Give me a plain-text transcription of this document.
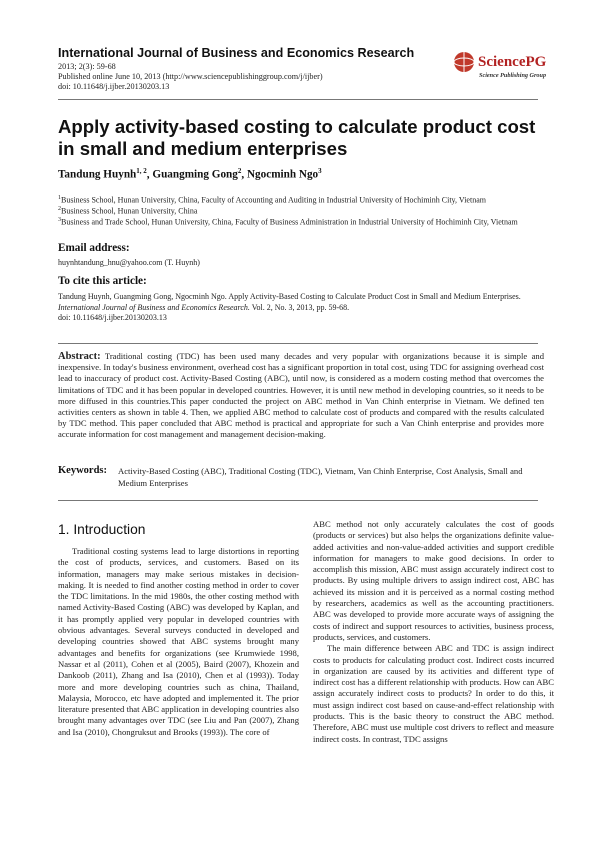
International Journal of Business and Economics Research
2013; 2(3): 59-68
Published online June 10, 2013 (http://www.sciencepublishinggroup.com/j/ijber)
doi: 10.11648/j.ijber.20130203.13
SciencePG
Science Publishing Group
Apply activity-based costing to calculate product cost in small and medium enterprises
Tandung Huynh$^{1, 2}$, Guangming Gong$^2$, Ngocminh Ngo$^3$
$^1$Business School, Hunan University, China, Faculty of Accounting and Auditing in Industrial University of Hochiminh City, Vietnam
$^2$Business School, Hunan University, China
$^3$Business and Trade School, Hunan University, China, Faculty of Business Administration in Industrial University of Hochiminh City, Vietnam
Email address:
huynhtandung_hnu@yahoo.com (T. Huynh)
To cite this article:
Tandung Huynh, Guangming Gong, Ngocminh Ngo. Apply Activity-Based Costing to Calculate Product Cost in Small and Medium Enterprises. International Journal of Business and Economics Research. Vol. 2, No. 3, 2013, pp. 59-68.
doi: 10.11648/j.ijber.20130203.13
Abstract: Traditional costing (TDC) has been used many decades and very popular with organizations because it is simple and inexpensive. In today's business environment, overhead cost has a significant proportion in total cost, using TDC for assigning overhead cost lead to inaccuracy of product cost. Activity-Based Costing (ABC), until now, is considered as a modern costing method that overcomes the limitations of TDC and it has been popular in developed countries. However, it is until new method in developing countries, so it needs to be more diffused in this countries.This paper conducted the project on ABC method in Van Chinh enterprise in Vietnam. We defined ten activities centers as shown in table 4. Then, we applied ABC method to calculate cost of products and compared with the results calculated by TDC method. This paper concluded that ABC method is practical and appropriate for such a Van Chinh enterprise and provides more accurate information for cost management and management decision-making.
Keywords: Activity-Based Costing (ABC), Traditional Costing (TDC), Vietnam, Van Chinh Enterprise, Cost Analysis, Small and Medium Enterprises
1. Introduction

Traditional costing systems lead to large distortions in reporting the cost of products, services, and customers. Based on its information, managers may make serious mistakes in decision-making. It is needed to find another costing method in order to cover the TDC limitations. In the mid 1980s, the other costing method with named Activity-Based Costing (ABC) was developed by Kaplan, and it has promptly applied very popular in developed countries with obvious advantages. Several surveys conducted in developed and developing countries showed that ABC systems brought many advantages and benefits for organizations (see Krumwiede 1998, Nassar et al (2011), Cohen et al (2005), Baird (2007), Khozein and Dankoob (2011), Zhang and Isa (2010), Chen et al (1993)). Today more and more developing countries such as china, Thailand, Malaysia, Morocco, etc have adopted and implemented it. The prior literature presented that ABC application in developing countries also brought many advantages over TDC (see Liu and Pan (2007), Zhang and Isa (2010), Chongruksut and Brooks (1993)). The core of

ABC method not only accurately calculates the cost of goods (products or services) but also helps the organizations definite value-added activities and non-value-added activities and support credible information for managers to make good decisions. In order to accomplish this mission, ABC must assign accurately indirect cost to products. By using multiple drivers to assign indirect cost, ABC has achieved its mission and it is perceived as a normal costing method by researchers, academics as well as the accounting practitioners. ABC was developed to provide more accurate ways of assigning the costs of indirect and support resources to activities, business process, products, services, and customers.

The main difference between ABC and TDC is assign indirect costs to products for calculating product cost. Indirect costs incurred in organization are caused by its activities and different type of indirect cost has a different relationship with products. How can ABC assign accurately indirect costs to products? In order to do this, it must assign indirect cost based on cause-and-effect relationship with products. This is the basic theory to construct the ABC method. Therefore, ABC must use multiple cost drivers to reflect and measure indirect costs. In contrast, TDC assigns
